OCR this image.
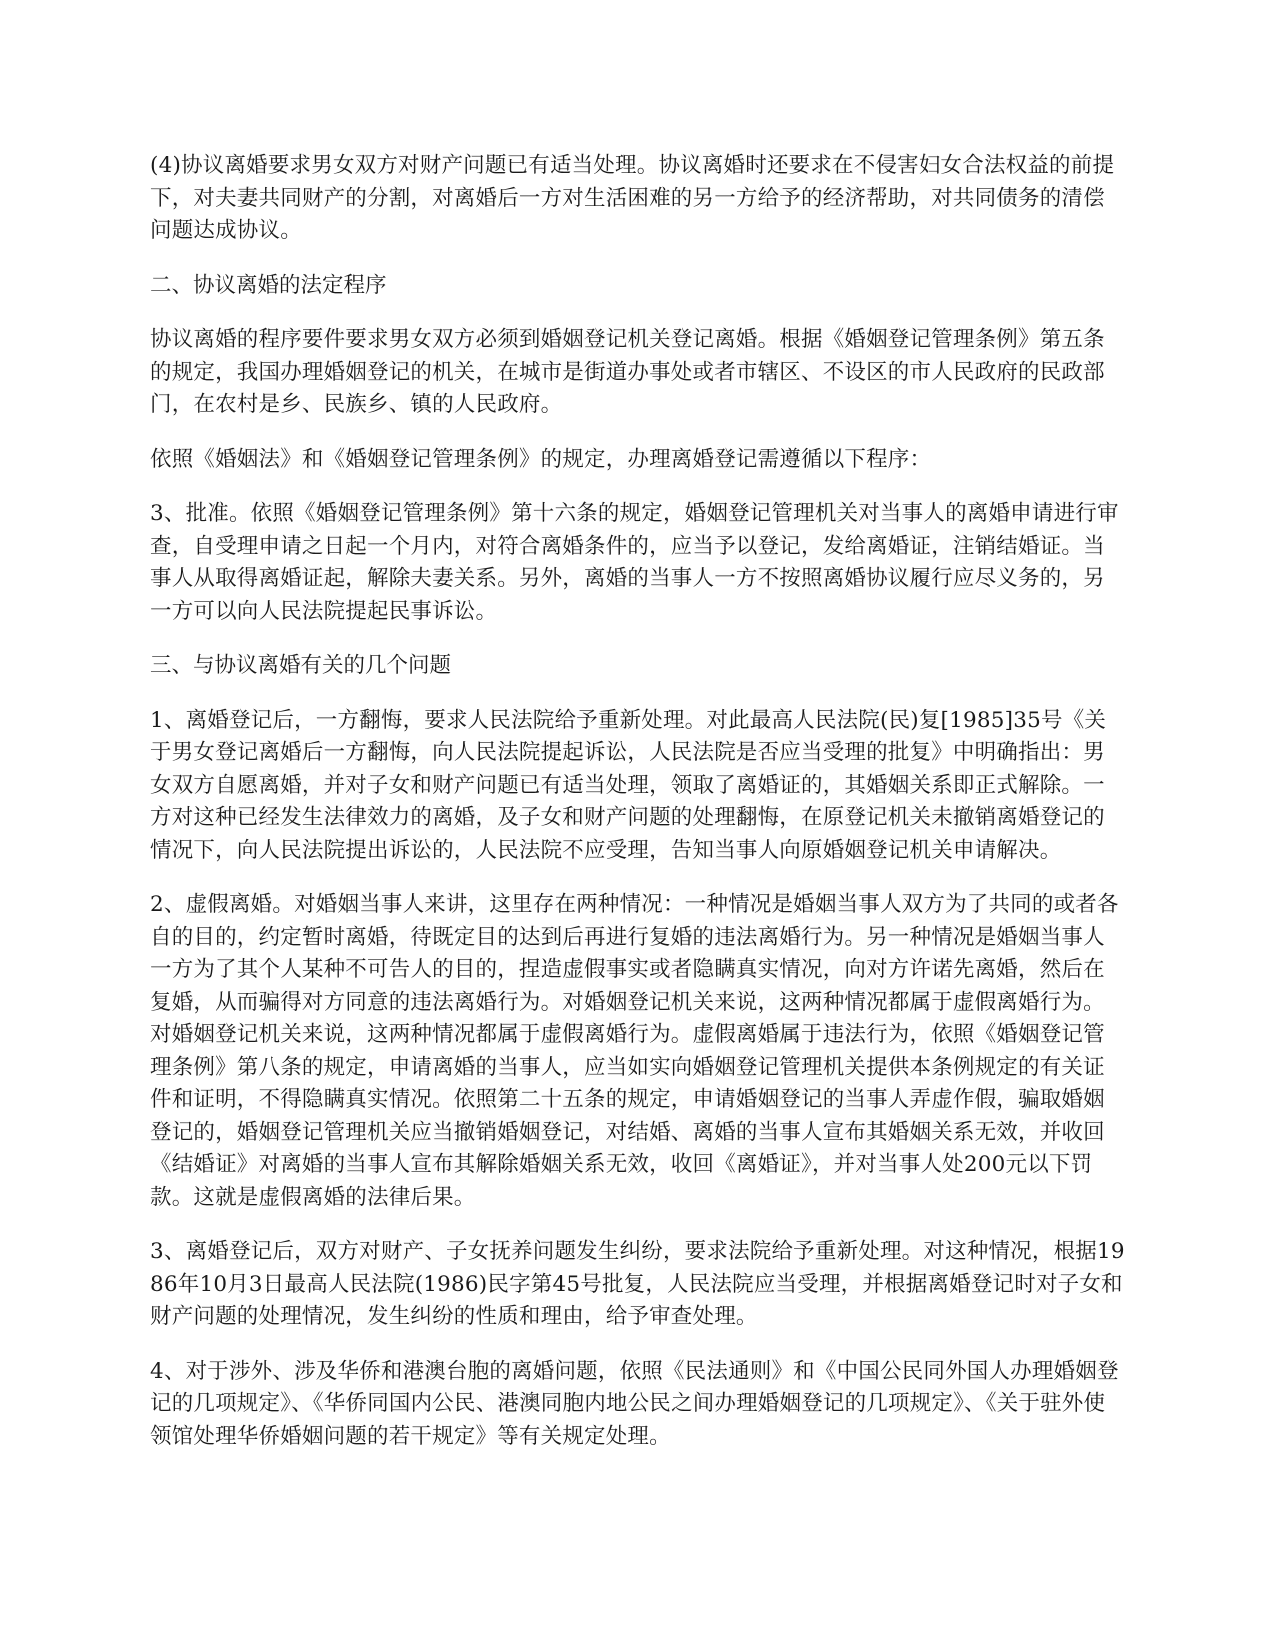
(4)协议离婚要求男女双方对财产问题已有适当处理。协议离婚时还要求在不侵害妇女合法权益的前提下，对夫妻共同财产的分割，对离婚后一方对生活困难的另一方给予的经济帮助，对共同债务的清偿问题达成协议。

二、协议离婚的法定程序

协议离婚的程序要件要求男女双方必须到婚姻登记机关登记离婚。根据《婚姻登记管理条例》第五条的规定，我国办理婚姻登记的机关，在城市是街道办事处或者市辖区、不设区的市人民政府的民政部门，在农村是乡、民族乡、镇的人民政府。

依照《婚姻法》和《婚姻登记管理条例》的规定，办理离婚登记需遵循以下程序：

3、批准。依照《婚姻登记管理条例》第十六条的规定，婚姻登记管理机关对当事人的离婚申请进行审查，自受理申请之日起一个月内，对符合离婚条件的，应当予以登记，发给离婚证，注销结婚证。当事人从取得离婚证起，解除夫妻关系。另外，离婚的当事人一方不按照离婚协议履行应尽义务的，另一方可以向人民法院提起民事诉讼。

三、与协议离婚有关的几个问题

1、离婚登记后，一方翻悔，要求人民法院给予重新处理。对此最高人民法院(民)复[1985]35号《关于男女登记离婚后一方翻悔，向人民法院提起诉讼，人民法院是否应当受理的批复》中明确指出：男女双方自愿离婚，并对子女和财产问题已有适当处理，领取了离婚证的，其婚姻关系即正式解除。一方对这种已经发生法律效力的离婚，及子女和财产问题的处理翻悔，在原登记机关未撤销离婚登记的情况下，向人民法院提出诉讼的，人民法院不应受理，告知当事人向原婚姻登记机关申请解决。

2、虚假离婚。对婚姻当事人来讲，这里存在两种情况：一种情况是婚姻当事人双方为了共同的或者各自的目的，约定暂时离婚，待既定目的达到后再进行复婚的违法离婚行为。另一种情况是婚姻当事人一方为了其个人某种不可告人的目的，捏造虚假事实或者隐瞒真实情况，向对方许诺先离婚，然后在复婚，从而骗得对方同意的违法离婚行为。对婚姻登记机关来说，这两种情况都属于虚假离婚行为。对婚姻登记机关来说，这两种情况都属于虚假离婚行为。虚假离婚属于违法行为，依照《婚姻登记管理条例》第八条的规定，申请离婚的当事人，应当如实向婚姻登记管理机关提供本条例规定的有关证件和证明，不得隐瞒真实情况。依照第二十五条的规定，申请婚姻登记的当事人弄虚作假，骗取婚姻登记的，婚姻登记管理机关应当撤销婚姻登记，对结婚、离婚的当事人宣布其婚姻关系无效，并收回《结婚证》对离婚的当事人宣布其解除婚姻关系无效，收回《离婚证》，并对当事人处200元以下罚款。这就是虚假离婚的法律后果。

3、离婚登记后，双方对财产、子女抚养问题发生纠纷，要求法院给予重新处理。对这种情况，根据1986年10月3日最高人民法院(1986)民字第45号批复，人民法院应当受理，并根据离婚登记时对子女和财产问题的处理情况，发生纠纷的性质和理由，给予审查处理。

4、对于涉外、涉及华侨和港澳台胞的离婚问题，依照《民法通则》和《中国公民同外国人办理婚姻登记的几项规定》、《华侨同国内公民、港澳同胞内地公民之间办理婚姻登记的几项规定》、《关于驻外使领馆处理华侨婚姻问题的若干规定》等有关规定处理。
